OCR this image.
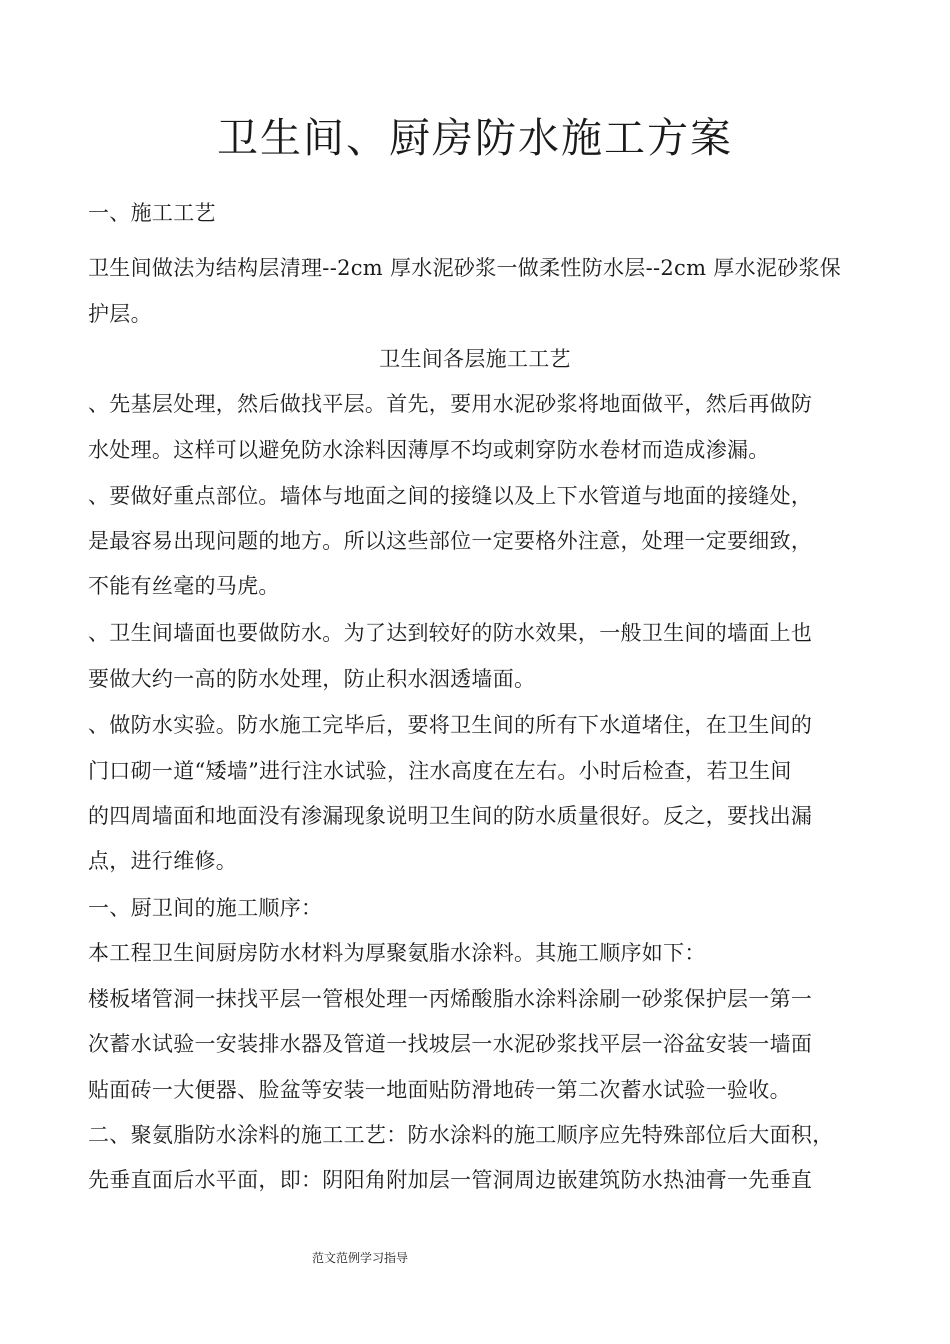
卫生间、厨房防水施工方案
一、施工工艺
卫生间做法为结构层清理--2cm 厚水泥砂浆一做柔性防水层--2cm 厚水泥砂浆保
护层。
卫生间各层施工工艺
、先基层处理，然后做找平层。首先，要用水泥砂浆将地面做平，然后再做防
水处理。这样可以避免防水涂料因薄厚不均或刺穿防水卷材而造成渗漏。
、要做好重点部位。墙体与地面之间的接缝以及上下水管道与地面的接缝处，
是最容易出现问题的地方。所以这些部位一定要格外注意，处理一定要细致，
不能有丝毫的马虎。
、卫生间墙面也要做防水。为了达到较好的防水效果，一般卫生间的墙面上也
要做大约一高的防水处理，防止积水洇透墙面。
、做防水实验。防水施工完毕后，要将卫生间的所有下水道堵住，在卫生间的
门口砌一道“矮墙”进行注水试验，注水高度在左右。小时后检查，若卫生间
的四周墙面和地面没有渗漏现象说明卫生间的防水质量很好。反之，要找出漏
点，进行维修。
一、厨卫间的施工顺序：
本工程卫生间厨房防水材料为厚聚氨脂水涂料。其施工顺序如下：
楼板堵管洞一抹找平层一管根处理一丙烯酸脂水涂料涂刷一砂浆保护层一第一
次蓄水试验一安装排水器及管道一找坡层一水泥砂浆找平层一浴盆安装一墙面
贴面砖一大便器、脸盆等安装一地面贴防滑地砖一第二次蓄水试验一验收。
二、聚氨脂防水涂料的施工工艺：防水涂料的施工顺序应先特殊部位后大面积，
先垂直面后水平面，即：阴阳角附加层一管洞周边嵌建筑防水热油膏一先垂直
范文范例学习指导
